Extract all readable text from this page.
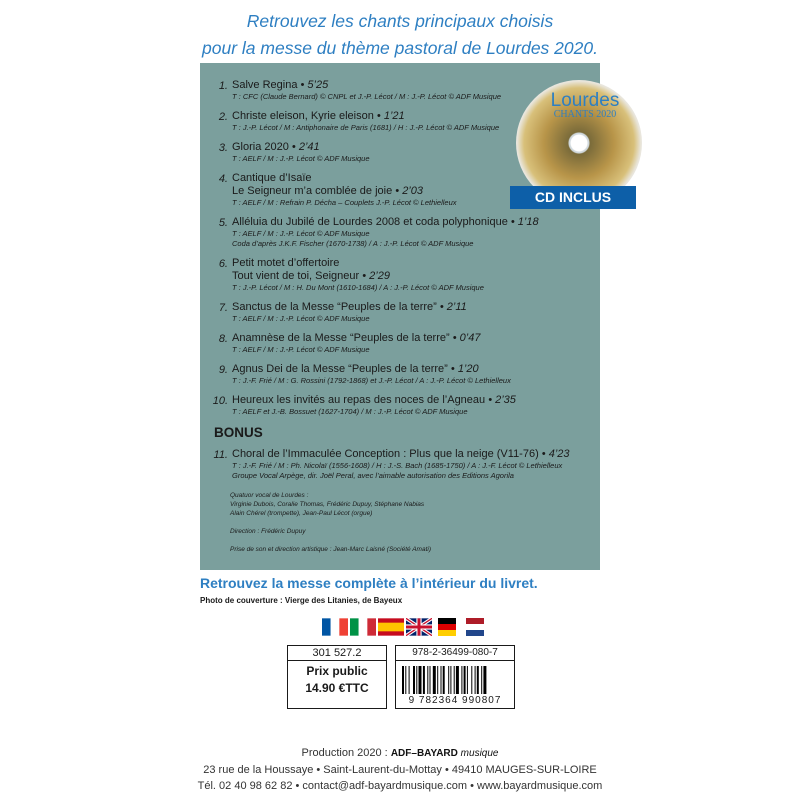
Retrouvez les chants principaux choisis
pour la messe du thème pastoral de Lourdes 2020.
1. Salve Regina • 5’25
T : CFC (Claude Bernard) © CNPL et J.-P. Lécot / M : J.-P. Lécot © ADF Musique
2. Christe eleison, Kyrie eleison • 1’21
T : J.-P. Lécot / M : Antiphonaire de Paris (1681) / H : J.-P. Lécot © ADF Musique
3. Gloria 2020 • 2’41
T : AELF / M : J.-P. Lécot © ADF Musique
4. Cantique d’Isaïe
Le Seigneur m’a comblée de joie • 2’03
T : AELF / M : Refrain P. Décha – Couplets J.-P. Lécot © Lethielleux
5. Alléluia du Jubilé de Lourdes 2008 et coda polyphonique • 1’18
T : AELF / M : J.-P. Lécot © ADF Musique
Coda d’après J.K.F. Fischer (1670-1738) / A : J.-P. Lécot © ADF Musique
6. Petit motet d’offertoire
Tout vient de toi, Seigneur • 2’29
T : J.-P. Lécot / M : H. Du Mont (1610-1684) / A : J.-P. Lécot © ADF Musique
7. Sanctus de la Messe “Peuples de la terre” • 2’11
T : AELF / M : J.-P. Lécot © ADF Musique
8. Anamnèse de la Messe “Peuples de la terre” • 0’47
T : AELF / M : J.-P. Lécot © ADF Musique
9. Agnus Dei de la Messe “Peuples de la terre” • 1’20
T : J.-F. Frié / M : G. Rossini (1792-1868) et J.-P. Lécot / A : J.-P. Lécot © Lethielleux
10. Heureux les invités au repas des noces de l’Agneau • 2’35
T : AELF et J.-B. Bossuet (1627-1704) / M : J.-P. Lécot © ADF Musique
BONUS
11. Choral de l’Immaculée Conception : Plus que la neige (V11-76) • 4’23
T : J.-F. Frié / M : Ph. Nicolaï (1556-1608) / H : J.-S. Bach (1685-1750) / A : J.-F. Lécot © Lethielleux
Groupe Vocal Arpège, dir. Joël Peral, avec l’aimable autorisation des Editions Agorila
Quatuor vocal de Lourdes :
Virginie Dubois, Coralie Thomas, Frédéric Dupuy, Stéphane Nabias
Alain Chérel (trompette), Jean-Paul Lécot (orgue)
Direction : Frédéric Dupuy
Prise de son et direction artistique : Jean-Marc Laisné (Société Amati)
Lourdes
CHANTS 2020
CD INCLUS
Retrouvez la messe complète à l’intérieur du livret.
Photo de couverture : Vierge des Litanies, de Bayeux
301 527.2
Prix public
14.90 €TTC
978-2-36499-080-7
9 782364 990807
Production 2020 : ADF–BAYARD musique
23 rue de la Houssaye • Saint-Laurent-du-Mottay • 49410 MAUGES-SUR-LOIRE
Tél. 02 40 98 62 82 • contact@adf-bayardmusique.com • www.bayardmusique.com
